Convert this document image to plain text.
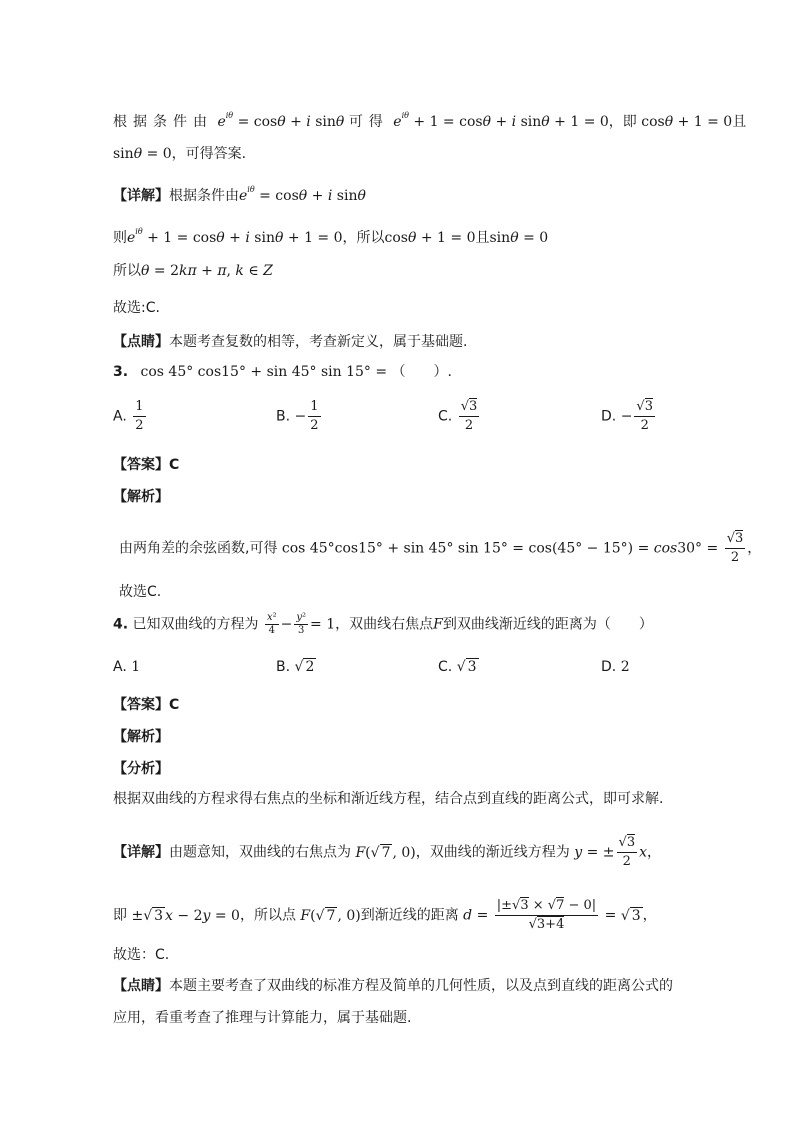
根据条件由 $e^{i\theta} = \cos\theta + i$ sinθ 可得 $e^{i\theta} + 1 = \cos\theta + i$ sinθ + 1 = 0，即 cosθ + 1 = 0且
sinθ = 0，可得答案.
【详解】根据条件由$e^{i\theta} = \cos\theta + i$ sinθ
则$e^{i\theta} + 1 = \cos\theta + i$ sinθ + 1 = 0，所以cosθ + 1 = 0且sinθ = 0
所以θ = 2kπ + π, k ∈ Z
故选:C.
【点睛】本题考查复数的相等，考查新定义，属于基础题.
3. cos 45° cos15° + sin 45° sin 15° = （　　）.
A. $\frac{1}{2}$	B. − $\frac{1}{2}$	C. $\frac{√3}{2}$	D. − $\frac{√3}{2}$
【答案】C
【解析】
由两角差的余弦函数,可得 cos 45°cos15° + sin 45° $\sin 15^\circ = \cos(45^\circ - 15^\circ) = \cos 30^\circ = \frac{√3}{2}$ ，
故选C.
4. 已知双曲线的方程为 $\frac{\text{x²}}{4} - \frac{\text{y²}}{3} = 1$，双曲线右焦点F到双曲线渐近线的距离为（　　）
A. 1	B. √ 2	C. √ 3	D. 2
【答案】C
【解析】
【分析】
根据双曲线的方程求得右焦点的坐标和渐近线方程，结合点到直线的距离公式，即可求解.
【详解】由题意知，双曲线的右焦点为 F(√ 7 , 0)，双曲线的渐近线方程为 y = ± $\frac{√3}{2}$ x，
即 ±√ 3 x − 2y = 0，所以点 F(√ 7 , 0)到渐近线的距离 $d = \frac{|\pm√3 \times √7 - 0|}{√3+4}$ = √ 3 ，
故选：C.
【点睛】本题主要考查了双曲线的标准方程及简单的几何性质，以及点到直线的距离公式的
应用，看重考查了推理与计算能力，属于基础题.
